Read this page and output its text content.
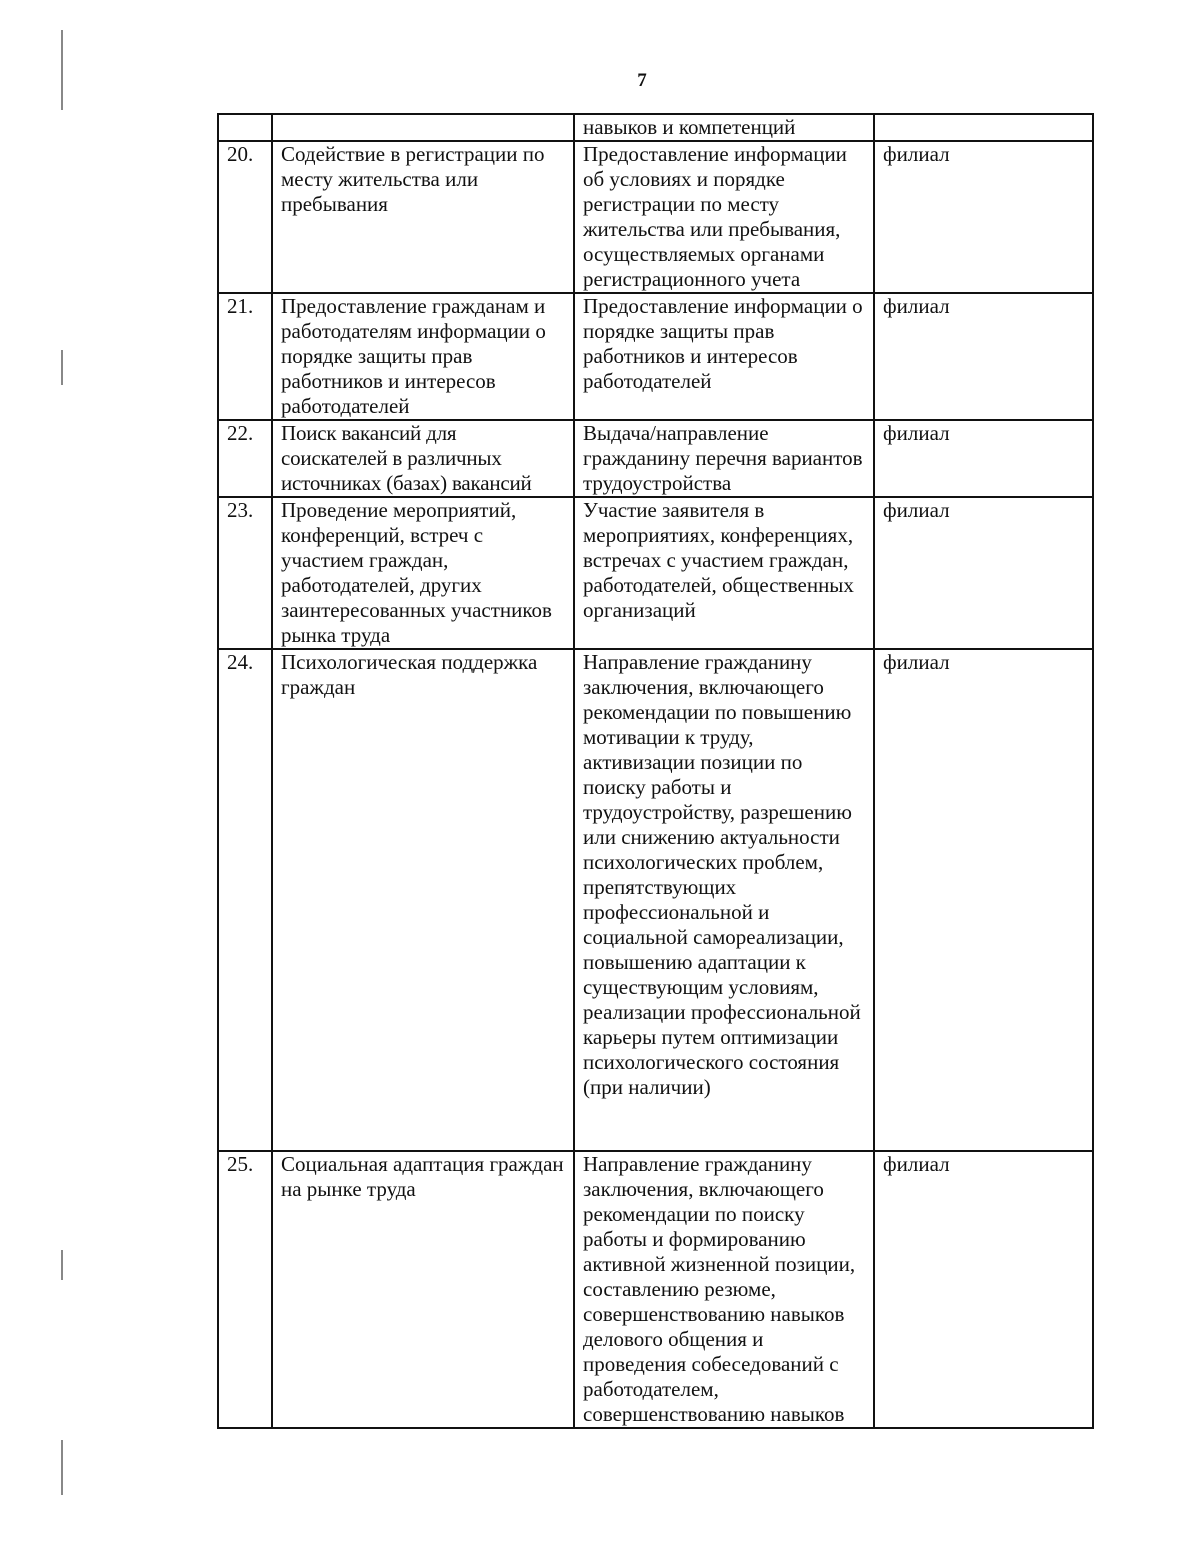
7
		навыков и компетенций	
20.	Содействие в регистрации по месту жительства или пребывания	Предоставление информации об условиях и порядке регистрации по месту жительства или пребывания, осуществляемых органами регистрационного учета	филиал
21.	Предоставление гражданам и работодателям информации о порядке защиты прав работников и интересов работодателей	Предоставление информации о порядке защиты прав работников и интересов работодателей	филиал
22.	Поиск вакансий для соискателей в различных источниках (базах) вакансий	Выдача/направление гражданину перечня вариантов трудоустройства	филиал
23.	Проведение мероприятий, конференций, встреч с участием граждан, работодателей, других заинтересованных участников рынка труда	Участие заявителя в мероприятиях, конференциях, встречах с участием граждан, работодателей, общественных организаций	филиал
24.	Психологическая поддержка граждан	Направление гражданину заключения, включающего рекомендации по повышению мотивации к труду, активизации позиции по поиску работы и трудоустройству, разрешению или снижению актуальности психологических проблем, препятствующих профессиональной и социальной самореализации, повышению адаптации к существующим условиям, реализации профессиональной карьеры путем оптимизации психологического состояния (при наличии)	филиал
25.	Социальная адаптация граждан на рынке труда	Направление гражданину заключения, включающего рекомендации по поиску работы и формированию активной жизненной позиции, составлению резюме, совершенствованию навыков делового общения и проведения собеседований с работодателем, совершенствованию навыков	филиал
